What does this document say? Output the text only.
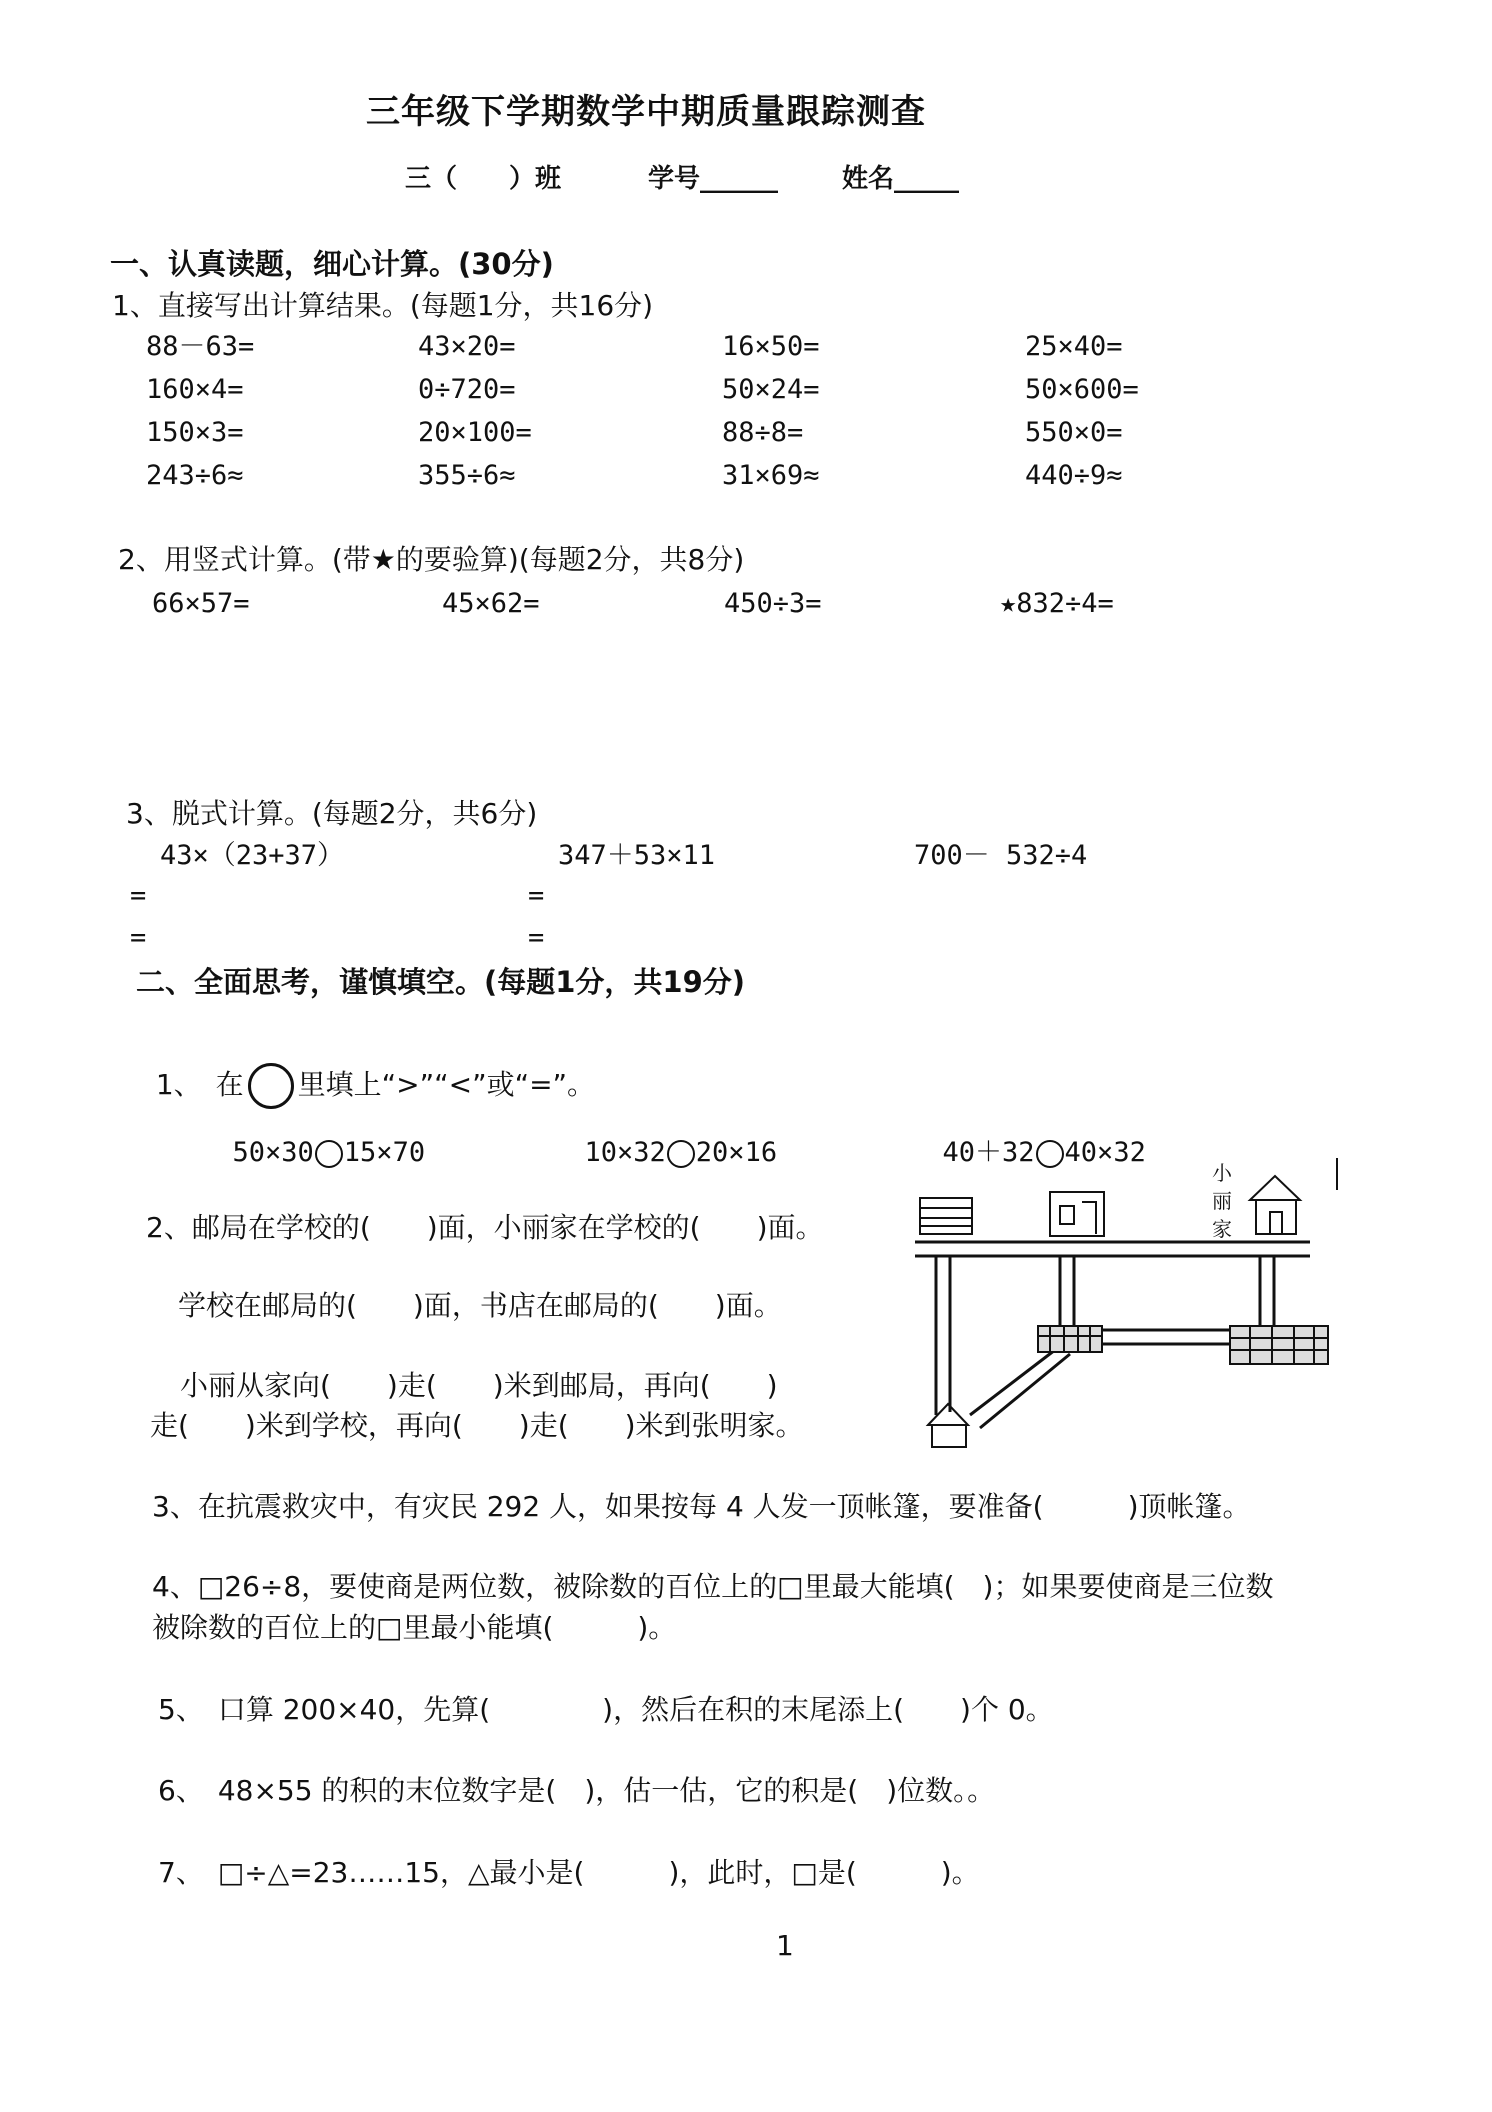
三年级下学期数学中期质量跟踪测查
三（　　）班	学号______ 姓名_____
一、认真读题，细心计算。(30分)
1、直接写出计算结果。(每题1分，共16分)
88－63=	43×20=	16×50=	25×40=
160×4=	0÷720=	50×24=	50×600=
150×3=	20×100=	88÷8=	550×0=
243÷6≈	355÷6≈	31×69≈	440÷9≈
2、用竖式计算。(带★的要验算)(每题2分，共8分)
66×57=	45×62=	450÷3=	★832÷4=
3、脱式计算。(每题2分，共6分)
43×（23+37）	347＋53×11	700－ 532÷4
=
=
=
=
二、全面思考，谨慎填空。(每题1分，共19分)

1、　在 里填上“>”“<”或“=”。

50×30 15×70	10×32 20×16	40＋32 40×32

2、邮局在学校的(　　)面，小丽家在学校的(　　)面。
学校在邮局的(　　)面，书店在邮局的(　　)面。
小丽从家向(　　)走(　　)米到邮局，再向(　　)
走(　　)米到学校，再向(　　)走(　　)米到张明家。
小 丽 家
3、在抗震救灾中，有灾民 292 人，如果按每 4 人发一顶帐篷，要准备(　　　)顶帐篷。
4、□26÷8，要使商是两位数，被除数的百位上的□里最大能填(　)；如果要使商是三位数
被除数的百位上的□里最小能填(　　　)。
5、　口算 200×40，先算(　　　　)，然后在积的末尾添上(　　)个 0。
6、　48×55 的积的末位数字是(　)，估一估，它的积是(　)位数。。
7、　□÷△=23……15，△最小是(　　　)，此时，□是(　　　)。
1
